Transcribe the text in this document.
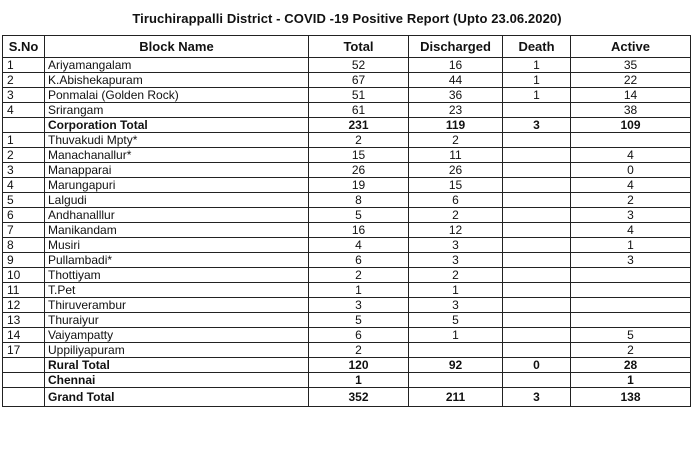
Tiruchirappalli District - COVID -19 Positive Report (Upto 23.06.2020)
S.No	Block Name	Total	Discharged	Death	Active
1	Ariyamangalam	52	16	1	35
2	K.Abishekapuram	67	44	1	22
3	Ponmalai (Golden Rock)	51	36	1	14
4	Srirangam	61	23		38
	Corporation Total	231	119	3	109
1	Thuvakudi Mpty*	2	2		
2	Manachanallur*	15	11		4
3	Manapparai	26	26		0
4	Marungapuri	19	15		4
5	Lalgudi	8	6		2
6	Andhanalllur	5	2		3
7	Manikandam	16	12		4
8	Musiri	4	3		1
9	Pullambadi*	6	3		3
10	Thottiyam	2	2		
11	T.Pet	1	1		
12	Thiruverambur	3	3		
13	Thuraiyur	5	5		
14	Vaiyampatty	6	1		5
17	Uppiliyapuram	2			2
	Rural Total	120	92	0	28
	Chennai	1			1
	Grand Total	352	211	3	138
